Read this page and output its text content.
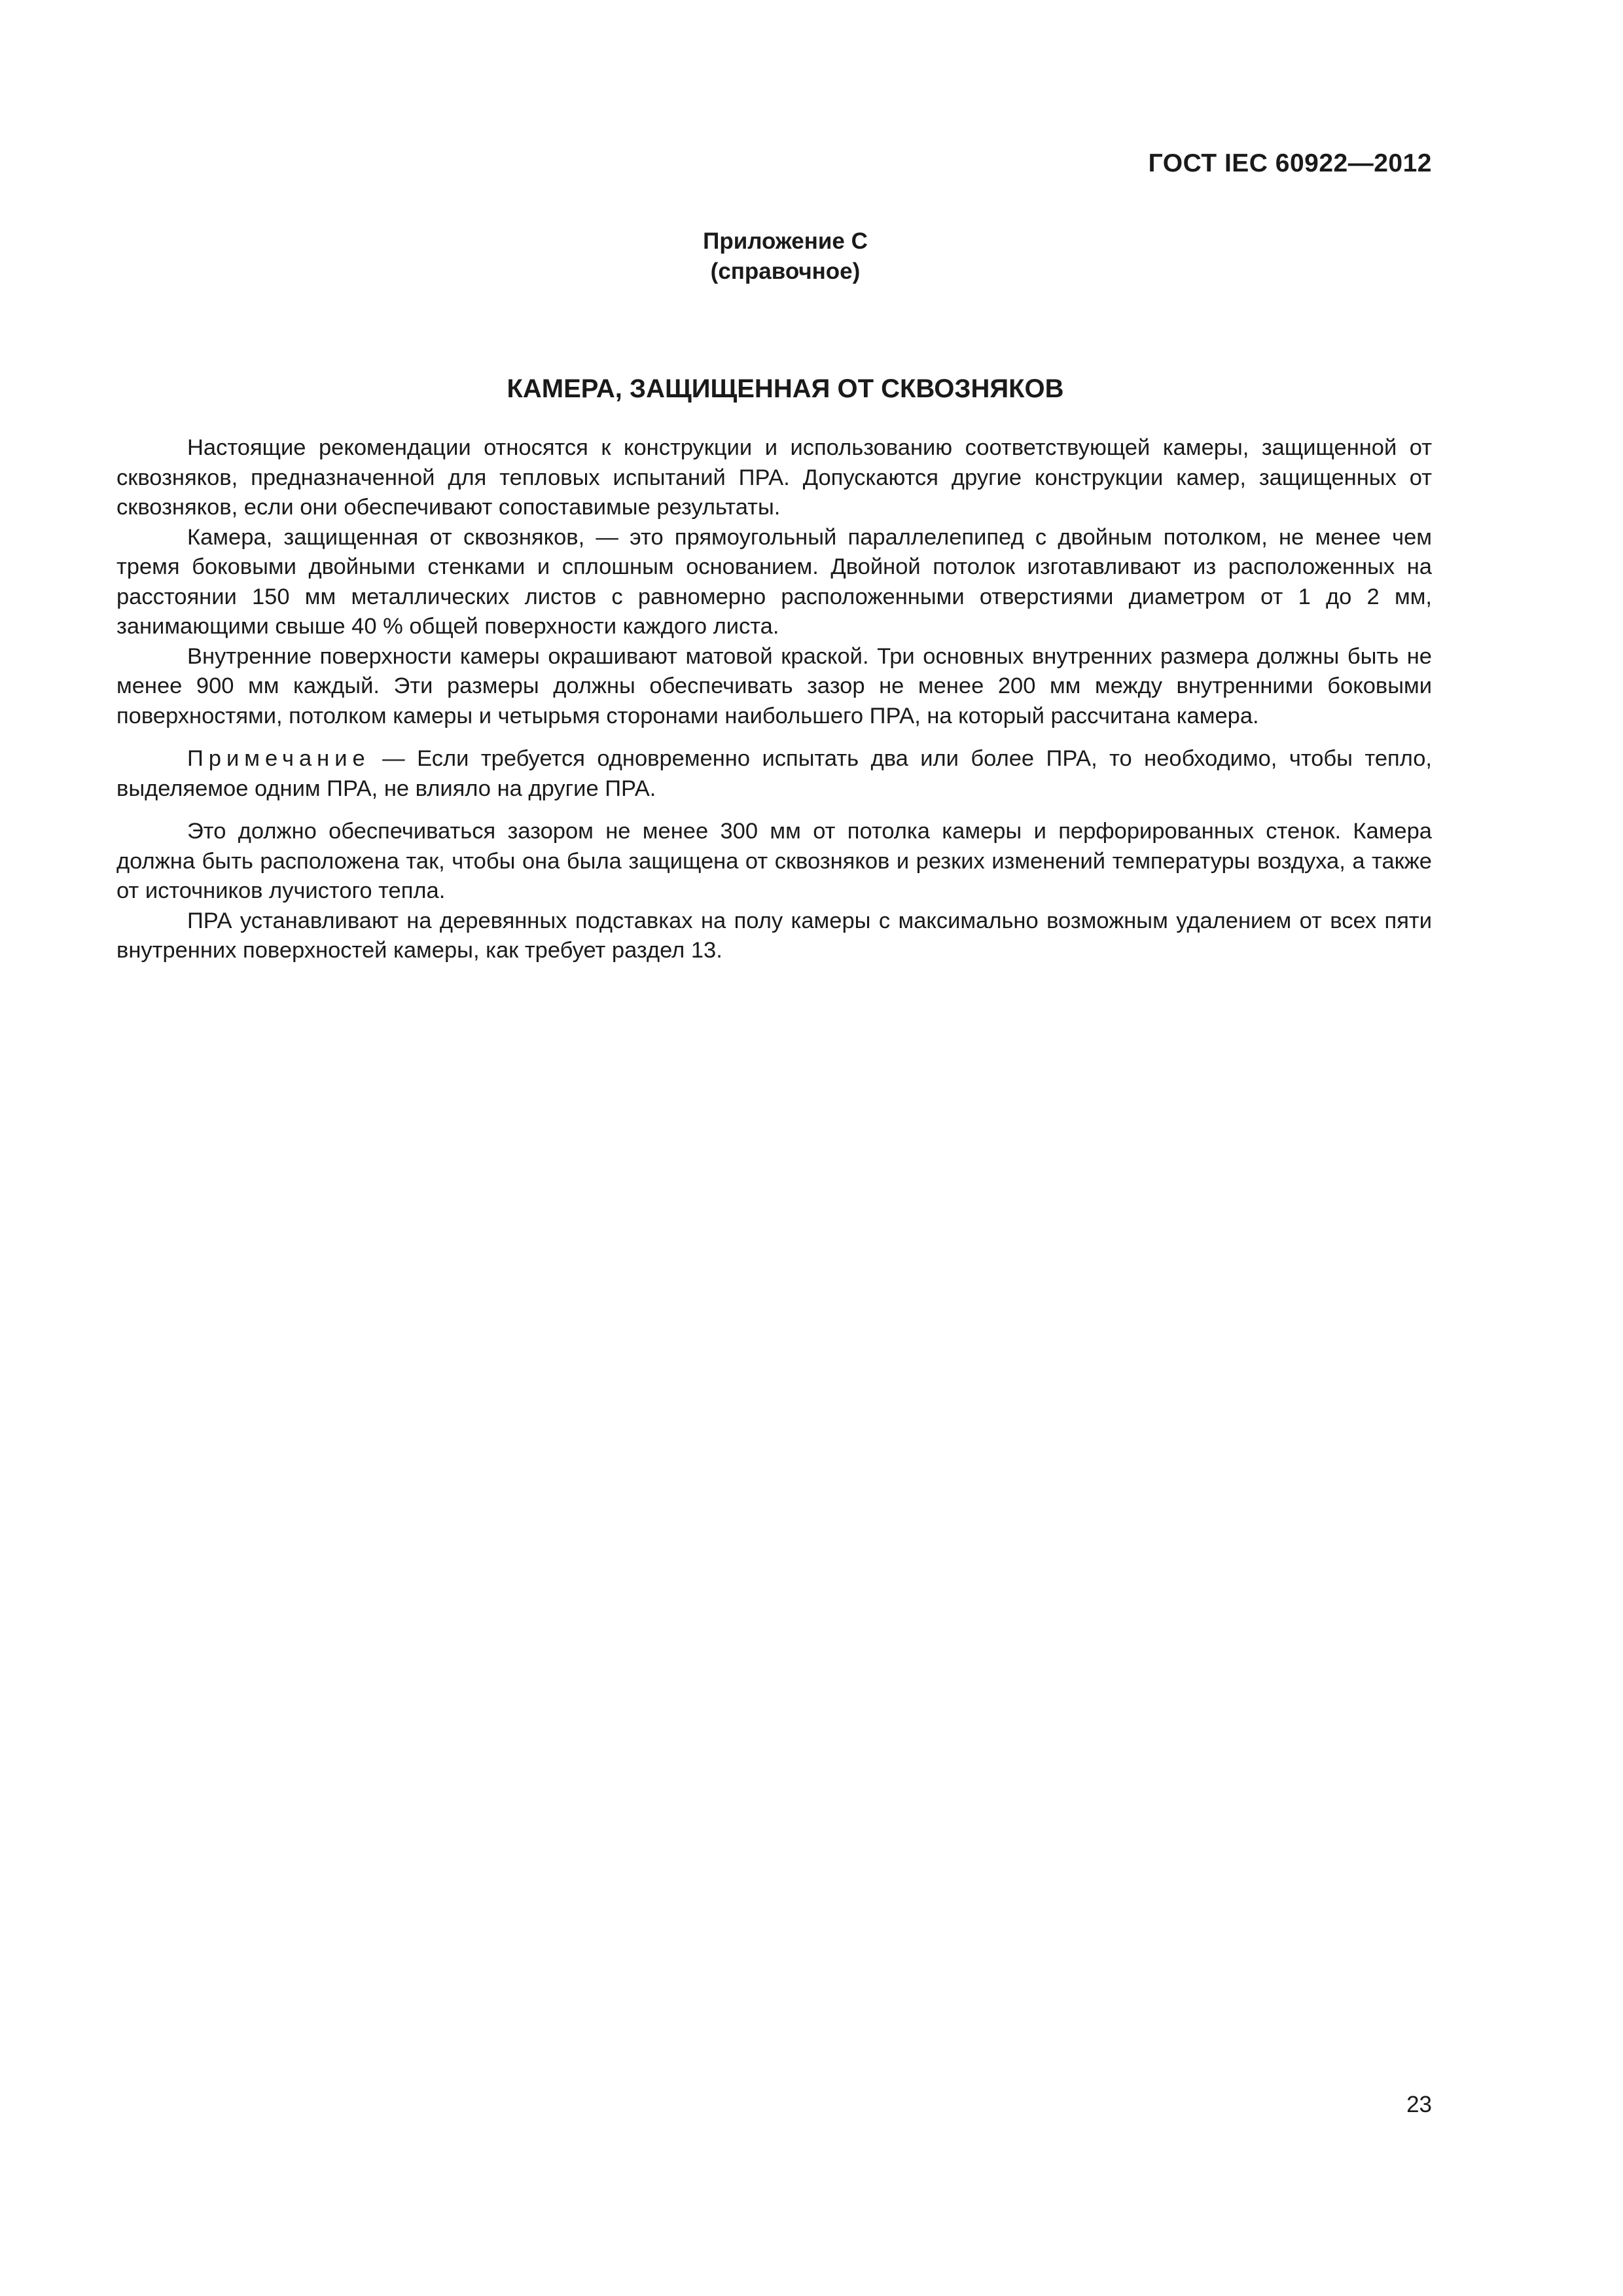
ГОСТ IEC 60922—2012
Приложение С
(справочное)
КАМЕРА, ЗАЩИЩЕННАЯ ОТ СКВОЗНЯКОВ

Настоящие рекомендации относятся к конструкции и использованию соответствующей камеры, защищенной от сквозняков, предназначенной для тепловых испытаний ПРА. Допускаются другие конструкции камер, защищенных от сквозняков, если они обеспечивают сопоставимые результаты.

Камера, защищенная от сквозняков, — это прямоугольный параллелепипед с двойным потолком, не менее чем тремя боковыми двойными стенками и сплошным основанием. Двойной потолок изготавливают из расположенных на расстоянии 150 мм металлических листов с равномерно расположенными отверстиями диаметром от 1 до 2 мм, занимающими свыше 40 % общей поверхности каждого листа.

Внутренние поверхности камеры окрашивают матовой краской. Три основных внутренних размера должны быть не менее 900 мм каждый. Эти размеры должны обеспечивать зазор не менее 200 мм между внутренними боковыми поверхностями, потолком камеры и четырьмя сторонами наибольшего ПРА, на который рассчитана камера.

Примечание — Если требуется одновременно испытать два или более ПРА, то необходимо, чтобы тепло, выделяемое одним ПРА, не влияло на другие ПРА.

Это должно обеспечиваться зазором не менее 300 мм от потолка камеры и перфорированных стенок. Камера должна быть расположена так, чтобы она была защищена от сквозняков и резких изменений температуры воздуха, а также от источников лучистого тепла.

ПРА устанавливают на деревянных подставках на полу камеры с максимально возможным удалением от всех пяти внутренних поверхностей камеры, как требует раздел 13.

23
